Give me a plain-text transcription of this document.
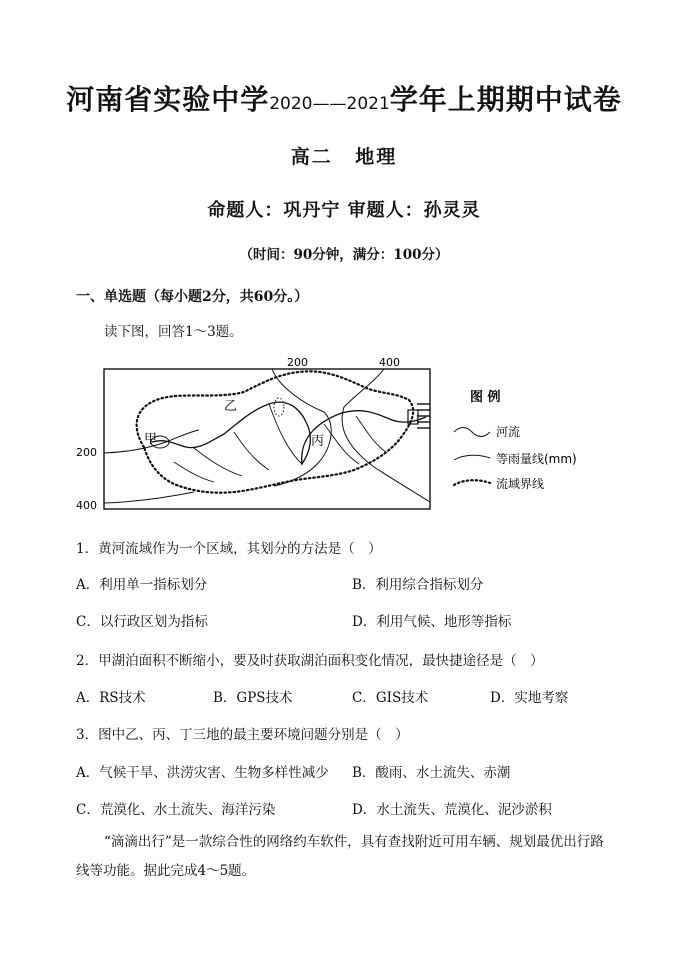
河南省实验中学2020——2021学年上期期中试卷
高二 地理
命题人：巩丹宁 审题人：孙灵灵
（时间：90分钟，满分：100分）
一、单选题（每小题2分，共60分。）
读下图，回答1～3题。
200	400
200
400
甲
乙
丙
图 例
河流
等雨量线(mm)
流域界线
1．黄河流域作为一个区域，其划分的方法是（　）
A．利用单一指标划分	B．利用综合指标划分
C．以行政区划为指标	D．利用气候、地形等指标
2．甲湖泊面积不断缩小，要及时获取湖泊面积变化情况，最快捷途径是（　）
A．RS技术	B．GPS技术	C．GIS技术	D．实地考察
3．图中乙、丙、丁三地的最主要环境问题分别是（　）
A．气候干旱、洪涝灾害、生物多样性减少 B．酸雨、水土流失、赤潮
C．荒漠化、水土流失、海洋污染	D．水土流失、荒漠化、泥沙淤积
“滴滴出行”是一款综合性的网络约车软件，具有查找附近可用车辆、规划最优出行路线等功能。据此完成4～5题。
